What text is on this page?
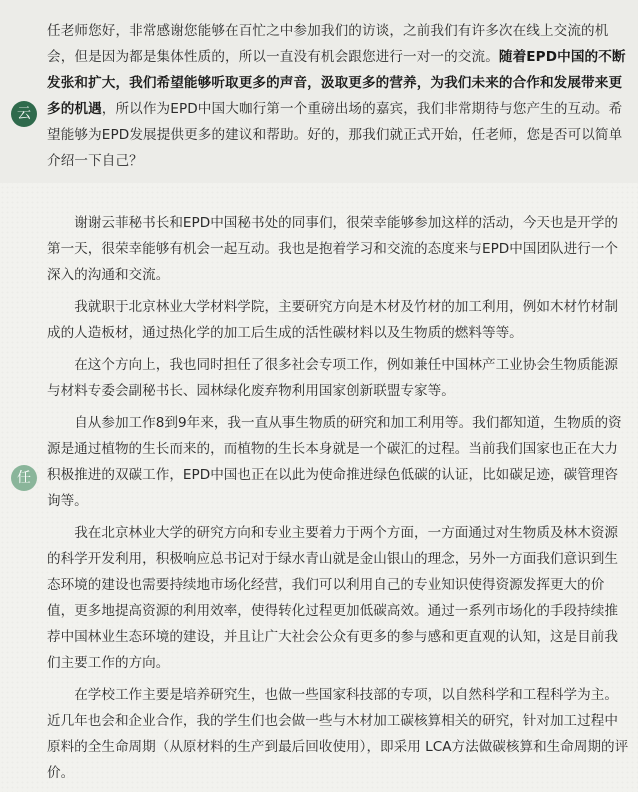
云
任老师您好，非常感谢您能够在百忙之中参加我们的访谈，之前我们有许多次在线上交流的机会，但是因为都是集体性质的，所以一直没有机会跟您进行一对一的交流。随着EPD中国的不断发张和扩大，我们希望能够听取更多的声音，汲取更多的营养，为我们未来的合作和发展带来更多的机遇，所以作为EPD中国大咖行第一个重磅出场的嘉宾，我们非常期待与您产生的互动。希望能够为EPD发展提供更多的建议和帮助。好的，那我们就正式开始，任老师，您是否可以简单介绍一下自己？
任

谢谢云菲秘书长和EPD中国秘书处的同事们，很荣幸能够参加这样的活动，今天也是开学的第一天，很荣幸能够有机会一起互动。我也是抱着学习和交流的态度来与EPD中国团队进行一个深入的沟通和交流。

我就职于北京林业大学材料学院，主要研究方向是木材及竹材的加工利用，例如木材竹材制成的人造板材，通过热化学的加工后生成的活性碳材料以及生物质的燃料等等。

在这个方向上，我也同时担任了很多社会专项工作，例如兼任中国林产工业协会生物质能源与材料专委会副秘书长、园林绿化废弃物利用国家创新联盟专家等。

自从参加工作8到9年来，我一直从事生物质的研究和加工利用等。我们都知道，生物质的资源是通过植物的生长而来的，而植物的生长本身就是一个碳汇的过程。当前我们国家也正在大力积极推进的双碳工作，EPD中国也正在以此为使命推进绿色低碳的认证，比如碳足迹，碳管理咨询等。

我在北京林业大学的研究方向和专业主要着力于两个方面，一方面通过对生物质及林木资源的科学开发利用，积极响应总书记对于绿水青山就是金山银山的理念，另外一方面我们意识到生态环境的建设也需要持续地市场化经营，我们可以利用自己的专业知识使得资源发挥更大的价值，更多地提高资源的利用效率，使得转化过程更加低碳高效。通过一系列市场化的手段持续推荐中国林业生态环境的建设，并且让广大社会公众有更多的参与感和更直观的认知，这是目前我们主要工作的方向。

在学校工作主要是培养研究生，也做一些国家科技部的专项，以自然科学和工程科学为主。近几年也会和企业合作，我的学生们也会做一些与木材加工碳核算相关的研究，针对加工过程中原料的全生命周期（从原材料的生产到最后回收使用），即采用 LCA方法做碳核算和生命周期的评价。
